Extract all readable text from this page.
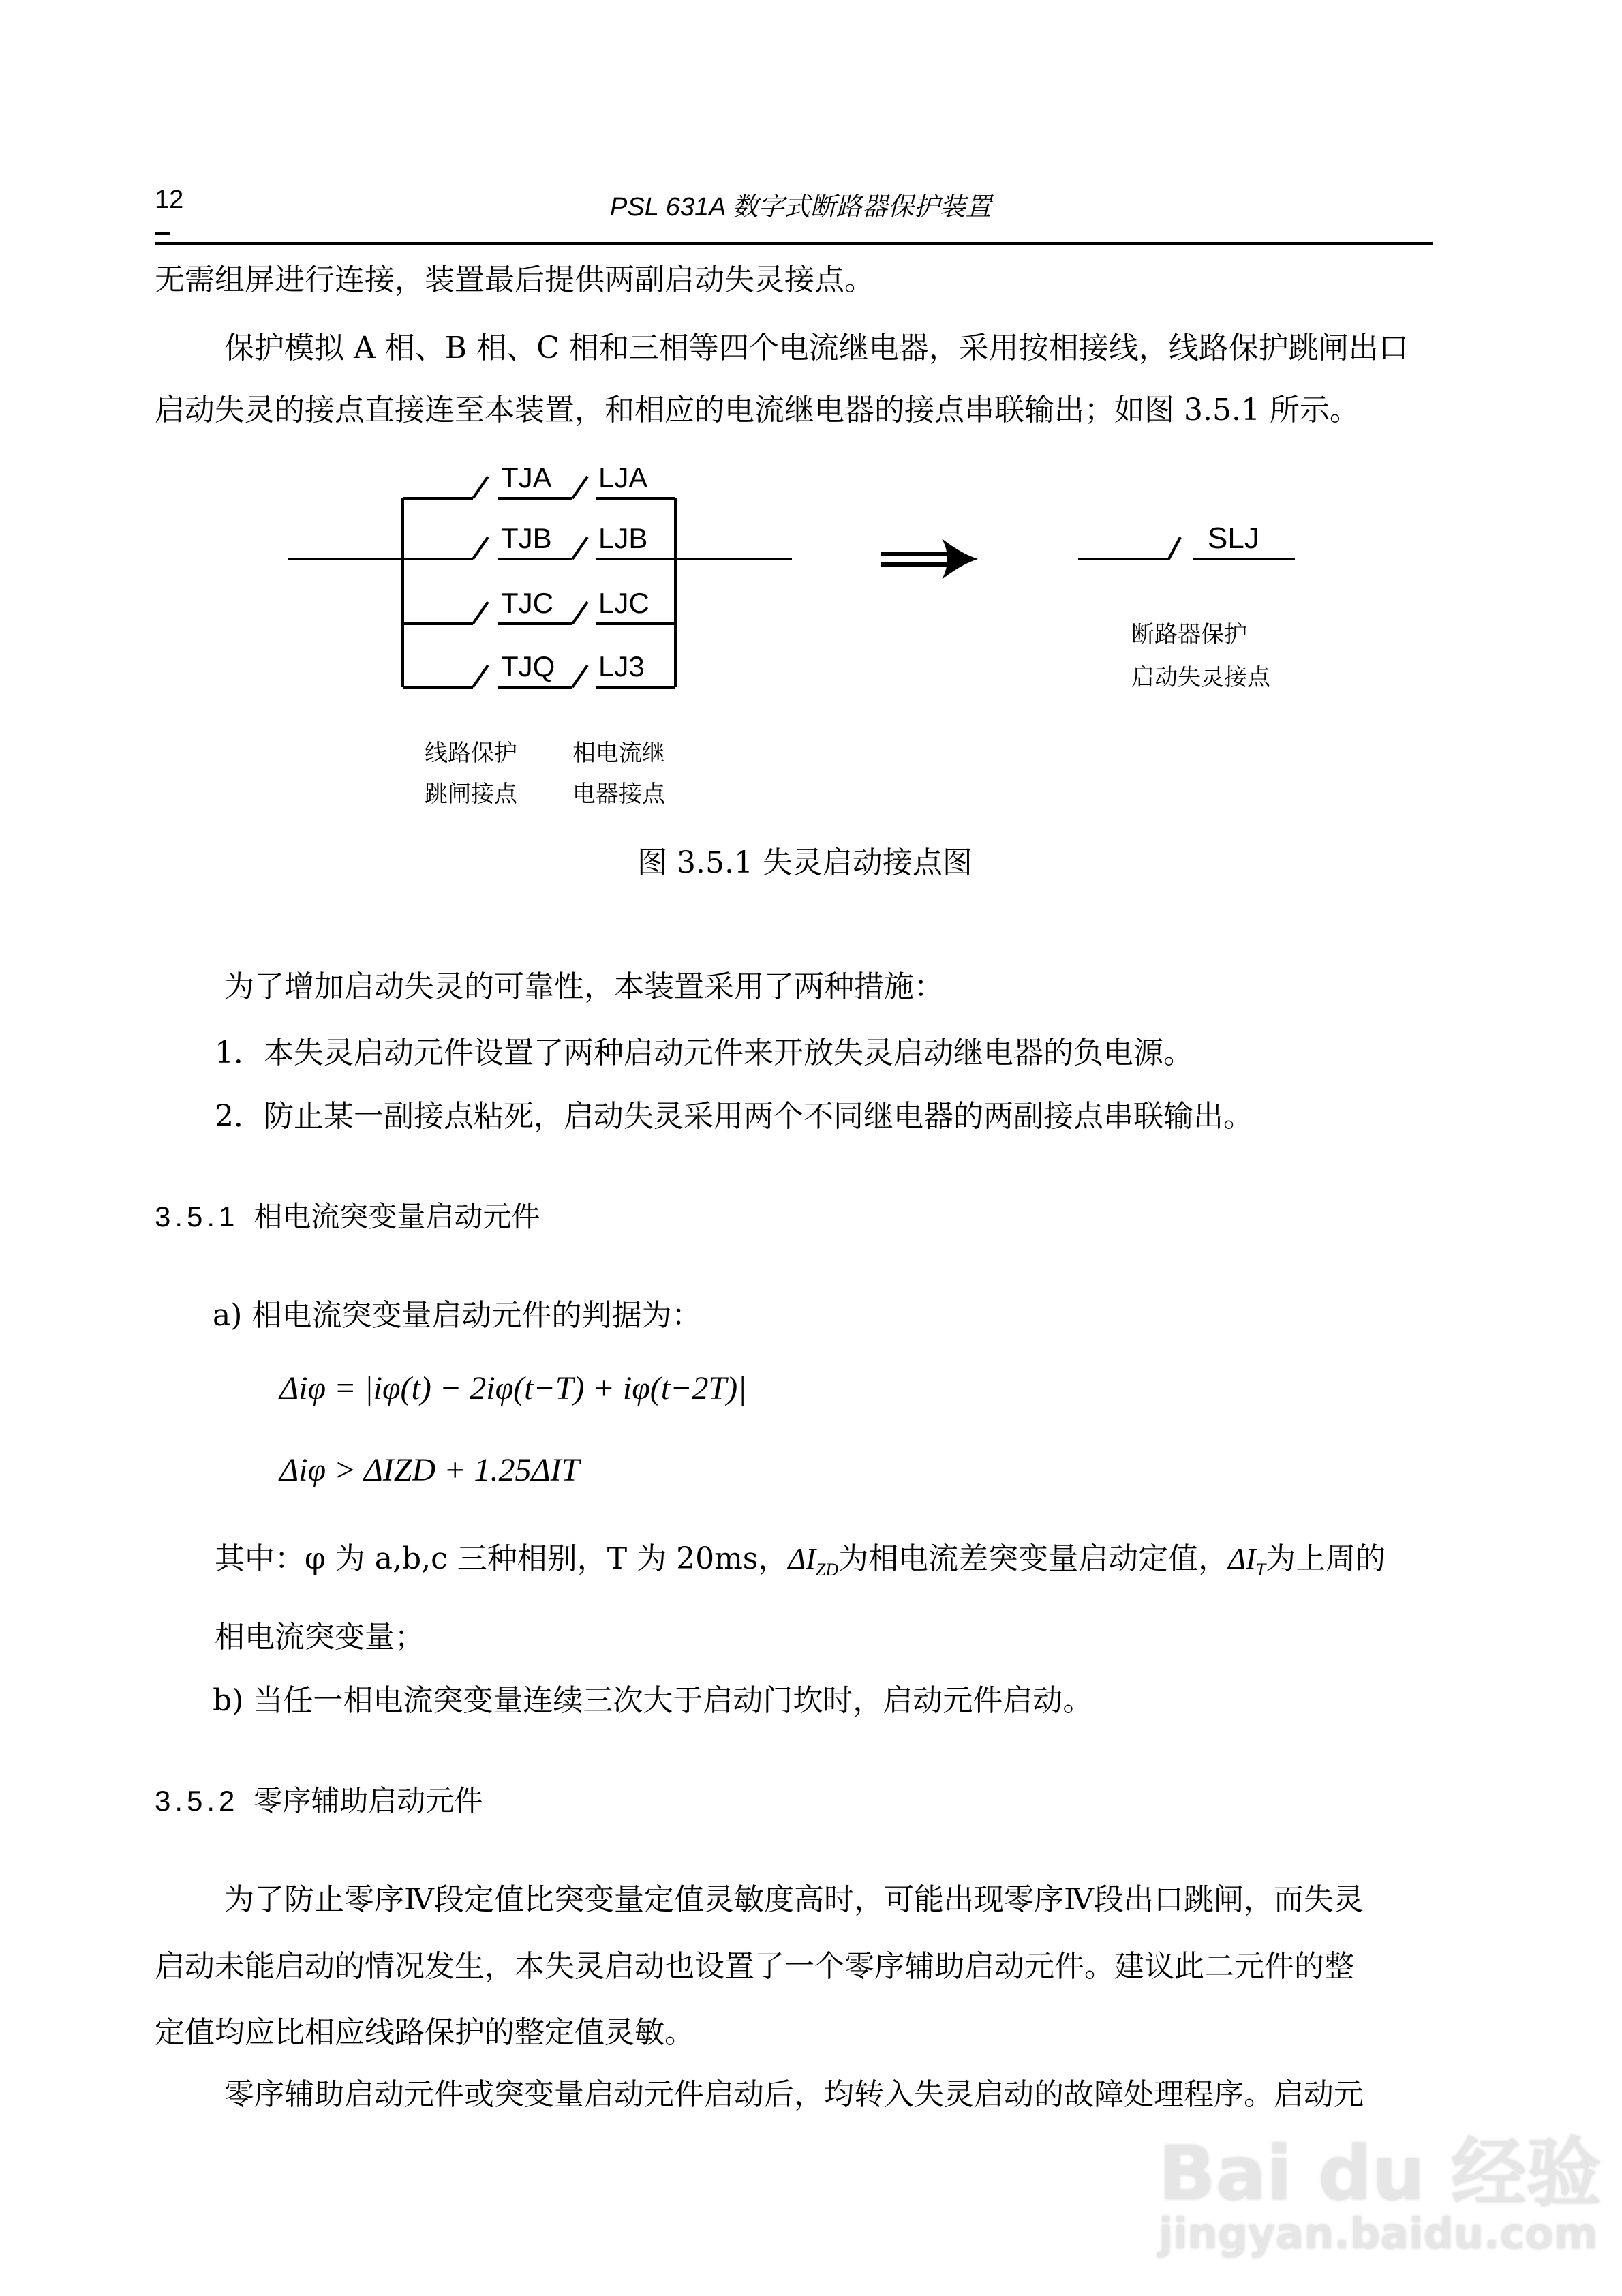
12	PSL 631A 数字式断路器保护装置
无需组屏进行连接，装置最后提供两副启动失灵接点。
保护模拟 A 相、B 相、C 相和三相等四个电流继电器，采用按相接线，线路保护跳闸出口
启动失灵的接点直接连至本装置，和相应的电流继电器的接点串联输出；如图 3.5.1 所示。
SLJ
线路保护
跳闸接点
相电流继
电器接点
断路器保护
启动失灵接点
TJA LJA
TJB LJB
TJC LJC
TJQ LJ3
图 3.5.1 失灵启动接点图
为了增加启动失灵的可靠性，本装置采用了两种措施：
1．本失灵启动元件设置了两种启动元件来开放失灵启动继电器的负电源。
2．防止某一副接点粘死，启动失灵采用两个不同继电器的两副接点串联输出。
3.5.1 相电流突变量启动元件
a) 相电流突变量启动元件的判据为：
Δiφ = |iφ(t) − 2iφ(t−T) + iφ(t−2T)|
Δiφ > ΔIZD + 1.25ΔIT
其中：φ 为 a,b,c 三种相别，T 为 20ms，$\Delta I_{ZD}$为相电流差突变量启动定值，$\Delta I_T$为上周的
相电流突变量；
b) 当任一相电流突变量连续三次大于启动门坎时，启动元件启动。
3.5.2 零序辅助启动元件
为了防止零序Ⅳ段定值比突变量定值灵敏度高时，可能出现零序Ⅳ段出口跳闸，而失灵
启动未能启动的情况发生，本失灵启动也设置了一个零序辅助启动元件。建议此二元件的整
定值均应比相应线路保护的整定值灵敏。
零序辅助启动元件或突变量启动元件启动后，均转入失灵启动的故障处理程序。启动元
Bai du 经验
jingyan.baidu.com
